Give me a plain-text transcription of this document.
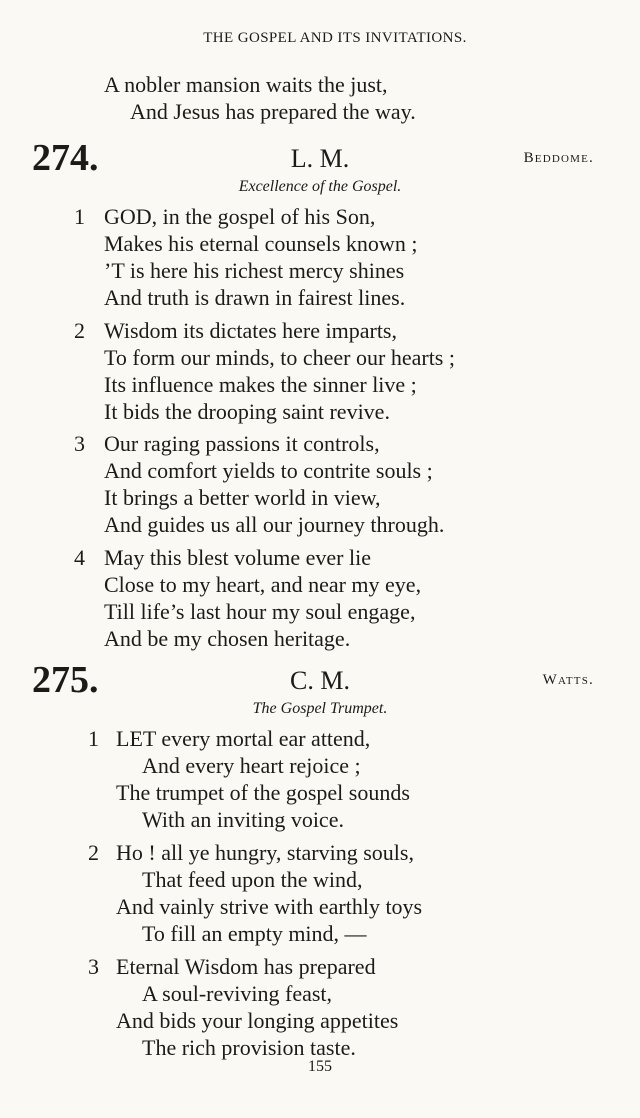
THE GOSPEL AND ITS INVITATIONS.
A nobler mansion waits the just,
And Jesus has prepared the way.
274.	L. M.	Beddome.
Excellence of the Gospel.
1 GOD, in the gospel of his Son,
Makes his eternal counsels known ;
’T is here his richest mercy shines
And truth is drawn in fairest lines.
2 Wisdom its dictates here imparts,
To form our minds, to cheer our hearts ;
Its influence makes the sinner live ;
It bids the drooping saint revive.
3 Our raging passions it controls,
And comfort yields to contrite souls ;
It brings a better world in view,
And guides us all our journey through.
4 May this blest volume ever lie
Close to my heart, and near my eye,
Till life’s last hour my soul engage,
And be my chosen heritage.
275.	C. M.	Watts.
The Gospel Trumpet.
1 LET every mortal ear attend,
And every heart rejoice ;
The trumpet of the gospel sounds
With an inviting voice.
2 Ho ! all ye hungry, starving souls,
That feed upon the wind,
And vainly strive with earthly toys
To fill an empty mind, —
3 Eternal Wisdom has prepared
A soul-reviving feast,
And bids your longing appetites
The rich provision taste.
155
